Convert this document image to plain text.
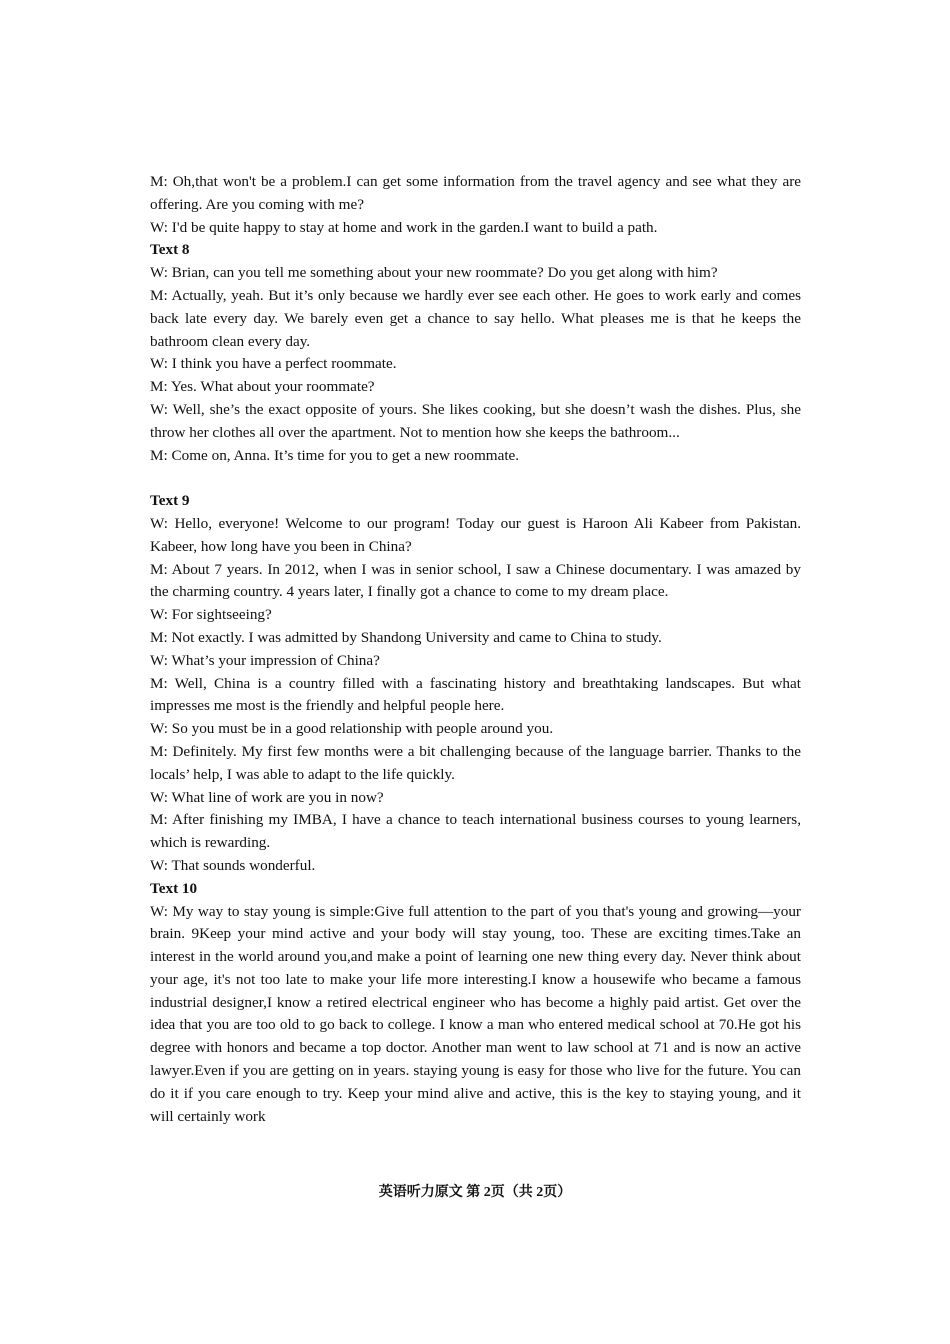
M: Oh,that won't be a problem.I can get some information from the travel agency and see what they are offering. Are you coming with me?

W: I'd be quite happy to stay at home and work in the garden.I want to build a path.

Text 8

W: Brian, can you tell me something about your new roommate? Do you get along with him?

M: Actually, yeah. But it’s only because we hardly ever see each other. He goes to work early and comes back late every day. We barely even get a chance to say hello. What pleases me is that he keeps the bathroom clean every day.

W: I think you have a perfect roommate.

M: Yes. What about your roommate?

W: Well, she’s the exact opposite of yours. She likes cooking, but she doesn’t wash the dishes. Plus, she throw her clothes all over the apartment. Not to mention how she keeps the bathroom...

M: Come on, Anna. It’s time for you to get a new roommate.

Text 9

W: Hello, everyone! Welcome to our program! Today our guest is Haroon Ali Kabeer from Pakistan. Kabeer, how long have you been in China?

M: About 7 years. In 2012, when I was in senior school, I saw a Chinese documentary. I was amazed by the charming country. 4 years later, I finally got a chance to come to my dream place.

W: For sightseeing?

M: Not exactly. I was admitted by Shandong University and came to China to study.

W: What’s your impression of China?

M: Well, China is a country filled with a fascinating history and breathtaking landscapes. But what impresses me most is the friendly and helpful people here.

W: So you must be in a good relationship with people around you.

M: Definitely. My first few months were a bit challenging because of the language barrier. Thanks to the locals’ help, I was able to adapt to the life quickly.

W: What line of work are you in now?

M: After finishing my IMBA, I have a chance to teach international business courses to young learners, which is rewarding.

W: That sounds wonderful.

Text 10

W: My way to stay young is simple:Give full attention to the part of you that's young and growing—your brain. 9Keep your mind active and your body will stay young, too. These are exciting times.Take an interest in the world around you,and make a point of learning one new thing every day. Never think about your age, it's not too late to make your life more interesting.I know a housewife who became a famous industrial designer,I know a retired electrical engineer who has become a highly paid artist. Get over the idea that you are too old to go back to college. I know a man who entered medical school at 70.He got his degree with honors and became a top doctor. Another man went to law school at 71 and is now an active lawyer.Even if you are getting on in years. staying young is easy for those who live for the future. You can do it if you care enough to try. Keep your mind alive and active, this is the key to staying young, and it will certainly work

英语听力原文 第 2页（共 2页）
